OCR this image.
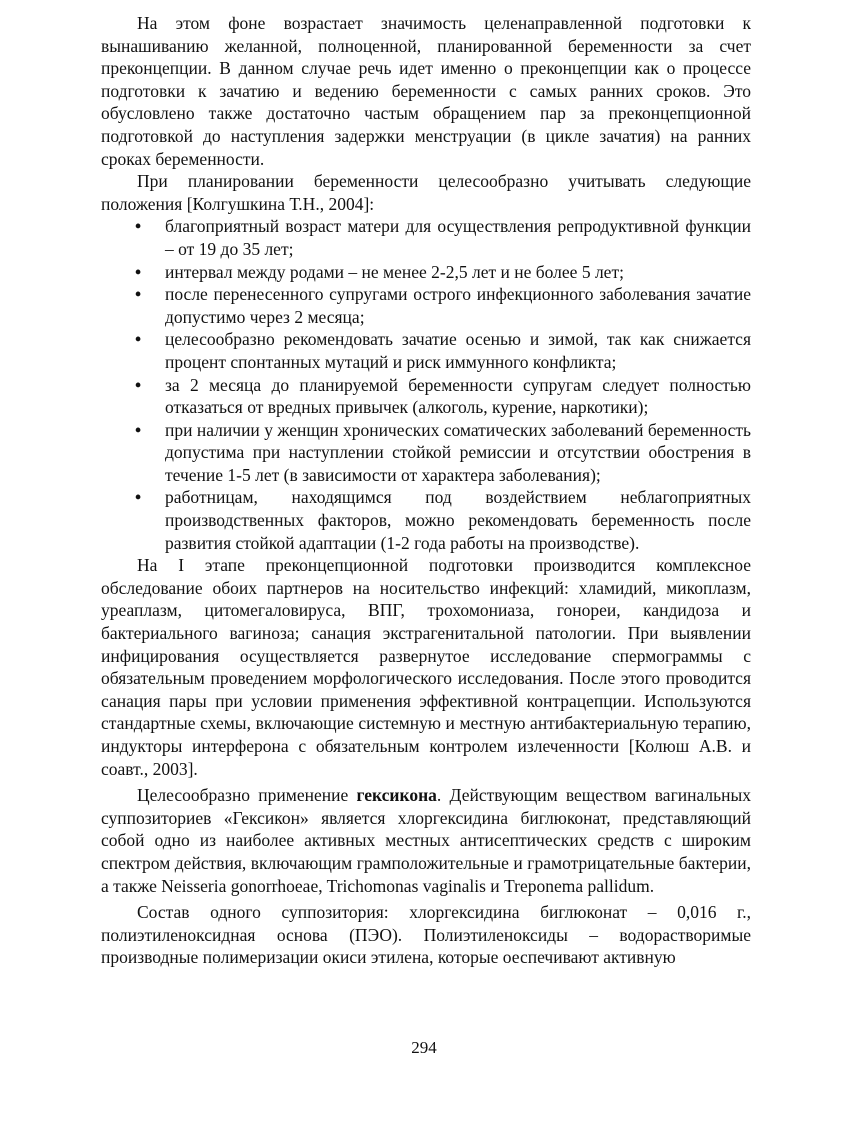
На этом фоне возрастает значимость целенаправленной подготовки к вынашиванию желанной, полноценной, планированной беременности за счет преконцепции. В данном случае речь идет именно о преконцепции как о процессе подготовки к зачатию и ведению беременности с самых ранних сроков. Это обусловлено также достаточно частым обращением пар за преконцепционной подготовкой до наступления задержки менструации (в цикле зачатия) на ранних сроках беременности.

При планировании беременности целесообразно учитывать следующие положения [Колгушкина Т.Н., 2004]:

• благоприятный возраст матери для осуществления репродуктивной функции – от 19 до 35 лет;
• интервал между родами – не менее 2-2,5 лет и не более 5 лет;
• после перенесенного супругами острого инфекционного заболевания зачатие допустимо через 2 месяца;
• целесообразно рекомендовать зачатие осенью и зимой, так как снижается процент спонтанных мутаций и риск иммунного конфликта;
• за 2 месяца до планируемой беременности супругам следует полностью отказаться от вредных привычек (алкоголь, курение, наркотики);
• при наличии у женщин хронических соматических заболеваний беременность допустима при наступлении стойкой ремиссии и отсутствии обострения в течение 1-5 лет (в зависимости от характера заболевания);
• работницам, находящимся под воздействием неблагоприятных производственных факторов, можно рекомендовать беременность после развития стойкой адаптации (1-2 года работы на производстве).

На I этапе преконцепционной подготовки производится комплексное обследование обоих партнеров на носительство инфекций: хламидий, микоплазм, уреаплазм, цитомегаловируса, ВПГ, трохомониаза, гонореи, кандидоза и бактериального вагиноза; санация экстрагенитальной патологии. При выявлении инфицирования осуществляется развернутое исследование спермограммы с обязательным проведением морфологического исследования. После этого проводится санация пары при условии применения эффективной контрацепции. Используются стандартные схемы, включающие системную и местную антибактериальную терапию, индукторы интерферона с обязательным контролем излеченности [Колюш А.В. и соавт., 2003].

Целесообразно применение гексикона. Действующим веществом вагинальных суппозиториев «Гексикон» является хлоргексидина биглюконат, представляющий собой одно из наиболее активных местных антисептических средств с широким спектром действия, включающим грамположительные и грамотрицательные бактерии, а также Neisseria gonorrhoeae, Trichomonas vaginalis и Treponema pallidum.

Состав одного суппозитория: хлоргексидина биглюконат – 0,016 г., полиэтиленоксидная основа (ПЭО). Полиэтиленоксиды – водорастворимые производные полимеризации окиси этилена, которые оеспечивают активную

294
